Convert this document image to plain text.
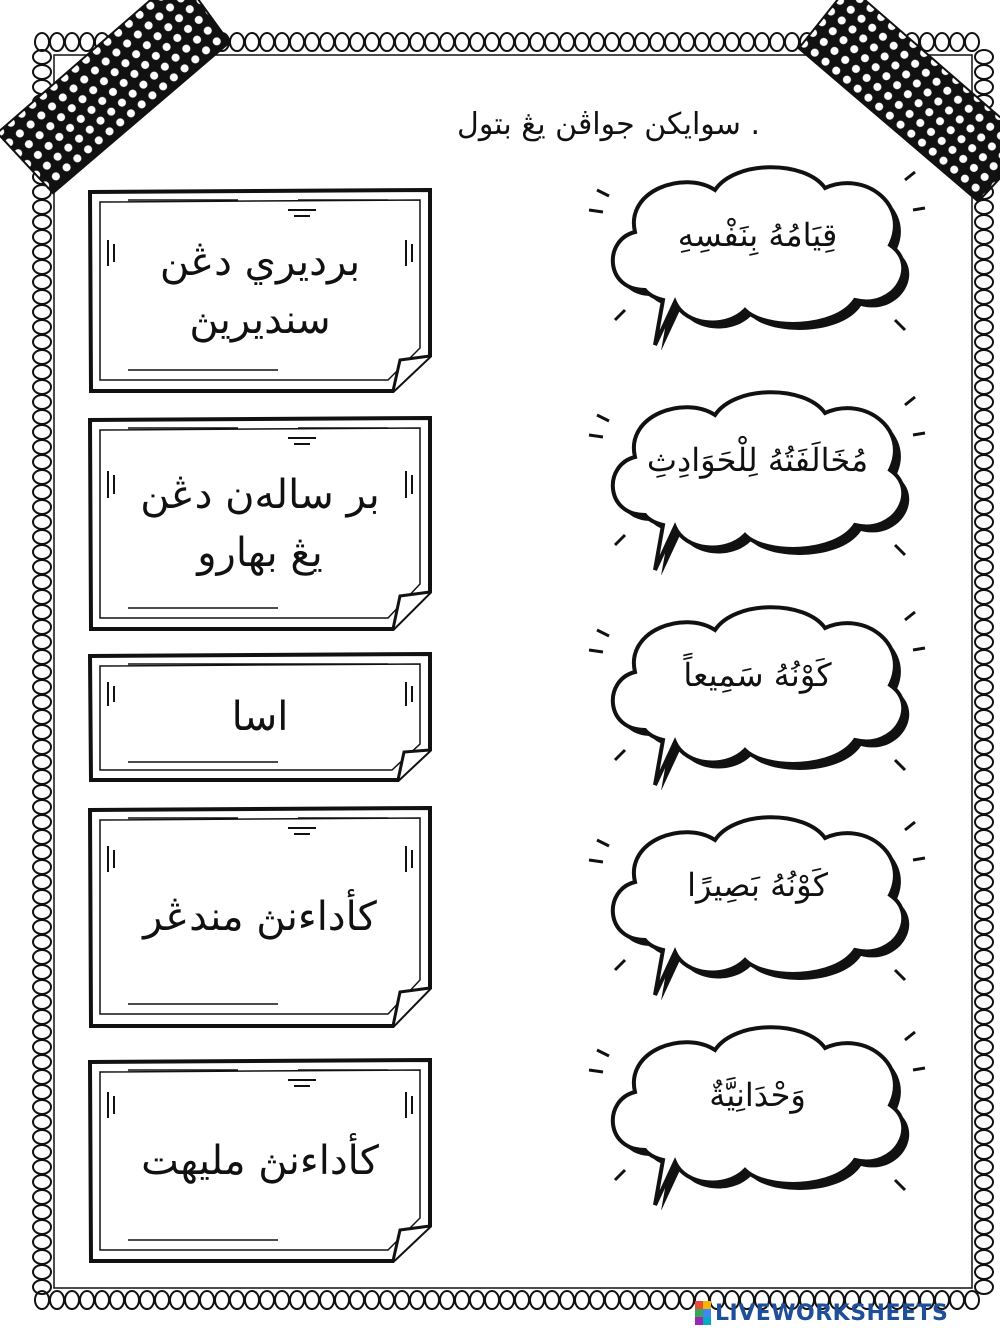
. سوايكن جواڤن يڠ بتول
برديري دڠن
سنديريڽ
بر ساله‌ن دڠن
يڠ بهارو
اسا
كأداءنڽ مندڠر
كأداءنڽ مليهت
قِيَامُهُ بِنَفْسِهِ
مُخَالَفَتُهُ لِلْحَوَادِثِ
كَوْنُهُ سَمِيعاً
كَوْنُهُ بَصِيرًا
وَحْدَانِيَّةٌ
LIVEWORKSHEETS
